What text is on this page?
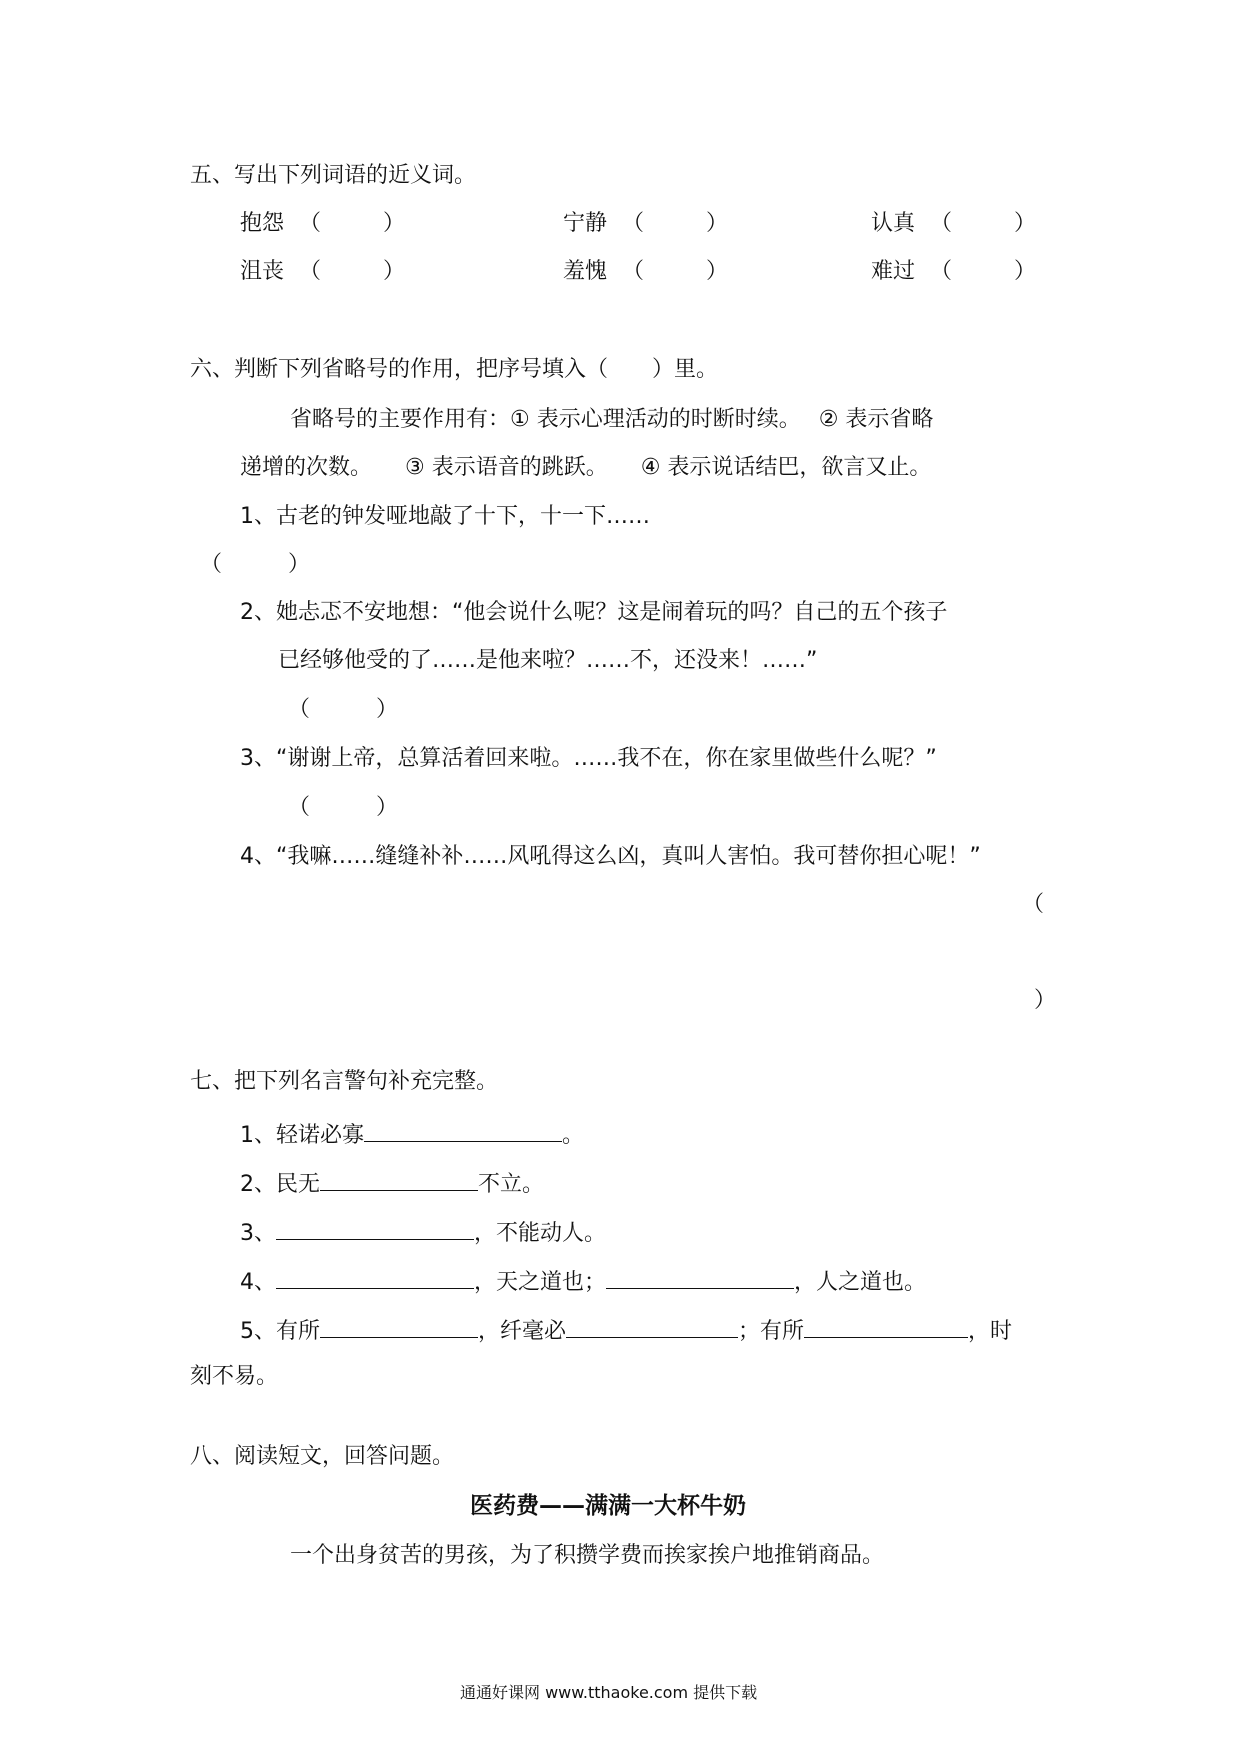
五、写出下列词语的近义词。
抱怨 （	）	宁静 （	）	认真 （	）
沮丧 （	）	羞愧 （	）	难过 （	）
六、判断下列省略号的作用，把序号填入（　　）里。
省略号的主要作用有：① 表示心理活动的时断时续。　 ② 表示省略
递增的次数。　　③ 表示语音的跳跃。　　④ 表示说话结巴，欲言又止。
1、古老的钟发哑地敲了十下，十一下……
（　　　）
2、她忐忑不安地想：“他会说什么呢？这是闹着玩的吗？自己的五个孩子
已经够他受的了……是他来啦？……不，还没来！……”
（　　　）
3、“谢谢上帝，总算活着回来啦。……我不在，你在家里做些什么呢？”
（　　　）
4、“我嘛……缝缝补补……风吼得这么凶，真叫人害怕。我可替你担心呢！”
（
）
七、把下列名言警句补充完整。
1、轻诺必寡	。
2、民无	不立。
3、	，不能动人。
4、	，天之道也；	，人之道也。
5、有所	，纤毫必	；有所	，时
刻不易。
八、阅读短文，回答问题。
医药费——满满一大杯牛奶
一个出身贫苦的男孩，为了积攒学费而挨家挨户地推销商品。
通通好课网 www.tthaoke.com 提供下载
